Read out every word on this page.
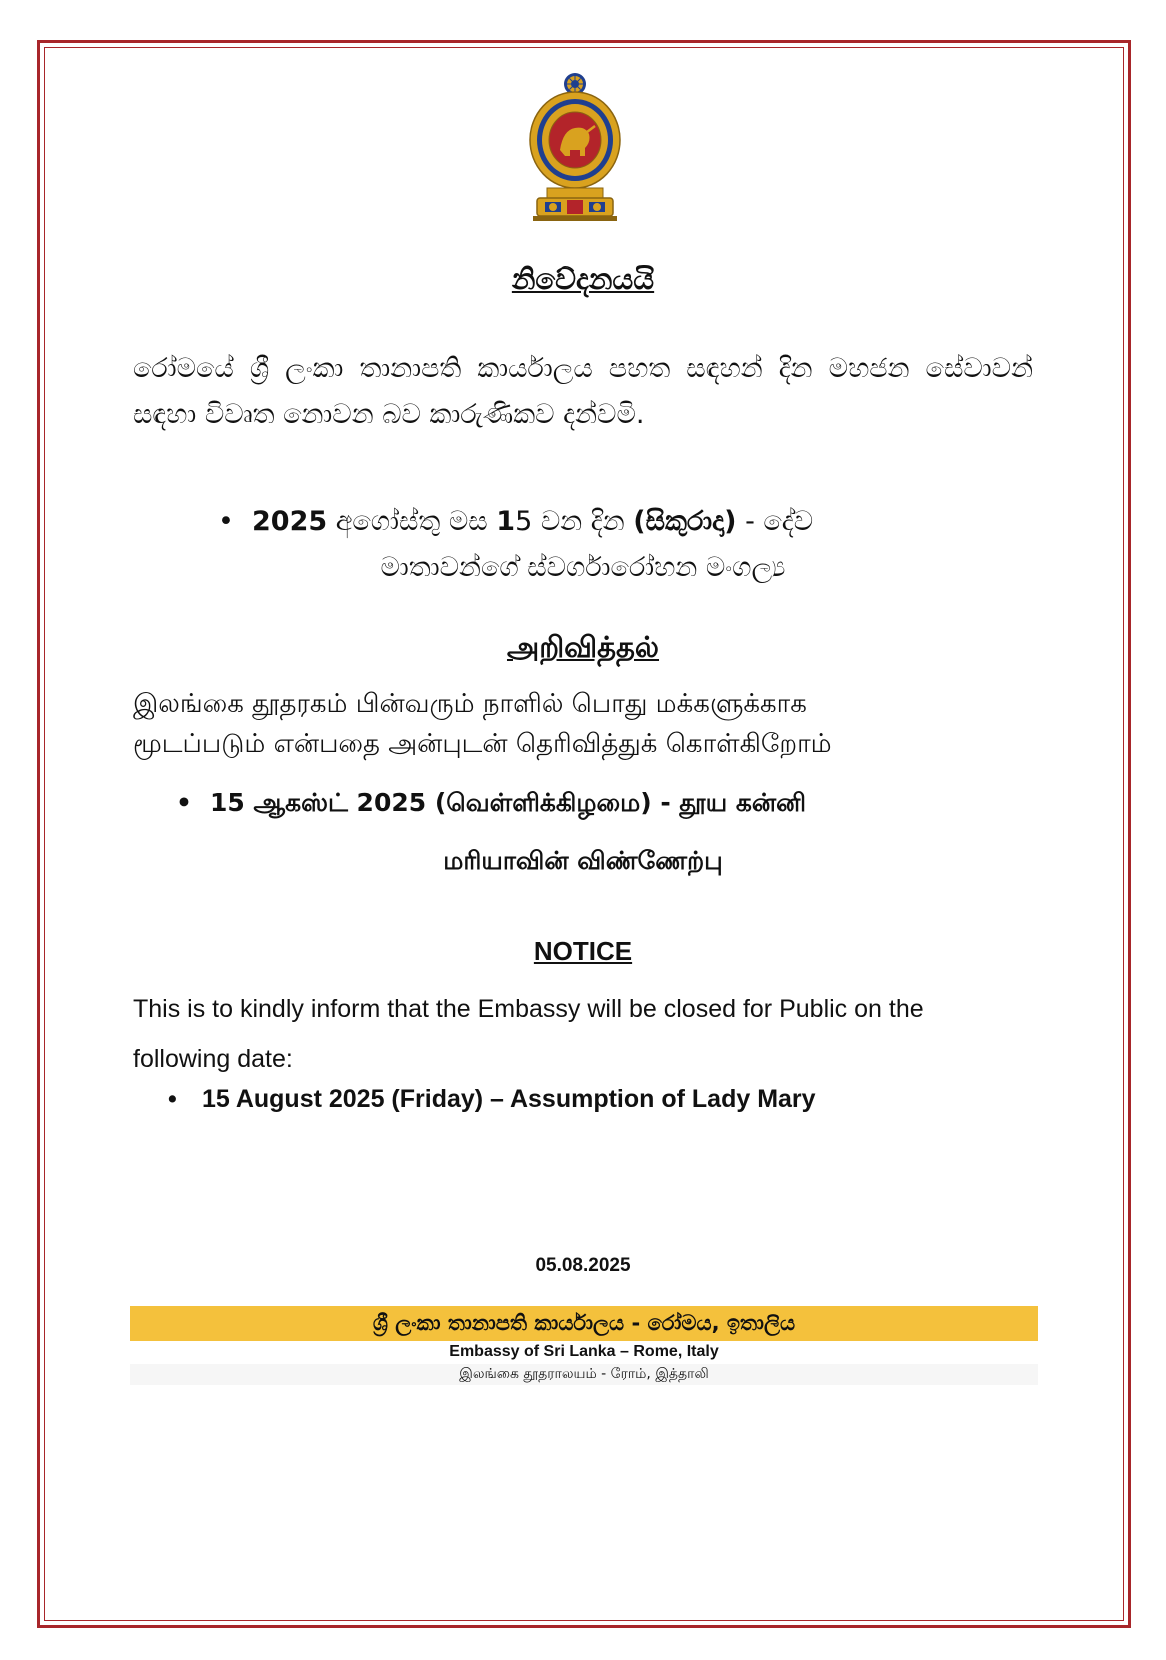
නිවේදනයයි
රෝමයේ ශ්‍රී ලංකා තානාපති කාර්යාලය පහත සඳහන් දින මහජන සේවාවන් සඳහා විවෘත නොවන බව කාරුණිකව දන්වමි.
• 2025 අගෝස්තු මස 15 වන දින (සිකුරාදා) - දේව
මාතාවන්ගේ ස්වර්ගාරෝහන මංගල්‍ය
அறிவித்தல்
இலங்கை தூதரகம் பின்வரும் நாளில் பொது மக்களுக்காக
மூடப்படும் என்பதை அன்புடன் தெரிவித்துக் கொள்கிறோம்
• 15 ஆகஸ்ட் 2025 (வெள்ளிக்கிழமை) - தூய கன்னி
மரியாவின் விண்ணேற்பு
NOTICE
This is to kindly inform that the Embassy will be closed for Public on the
following date:
• 15 August 2025 (Friday) – Assumption of Lady Mary
05.08.2025
ශ්‍රී ලංකා තානාපති කාර්යාලය - රෝමය, ඉතාලිය
Embassy of Sri Lanka – Rome, Italy
இலங்கை தூதராலயம் - ரோம், இத்தாலி
